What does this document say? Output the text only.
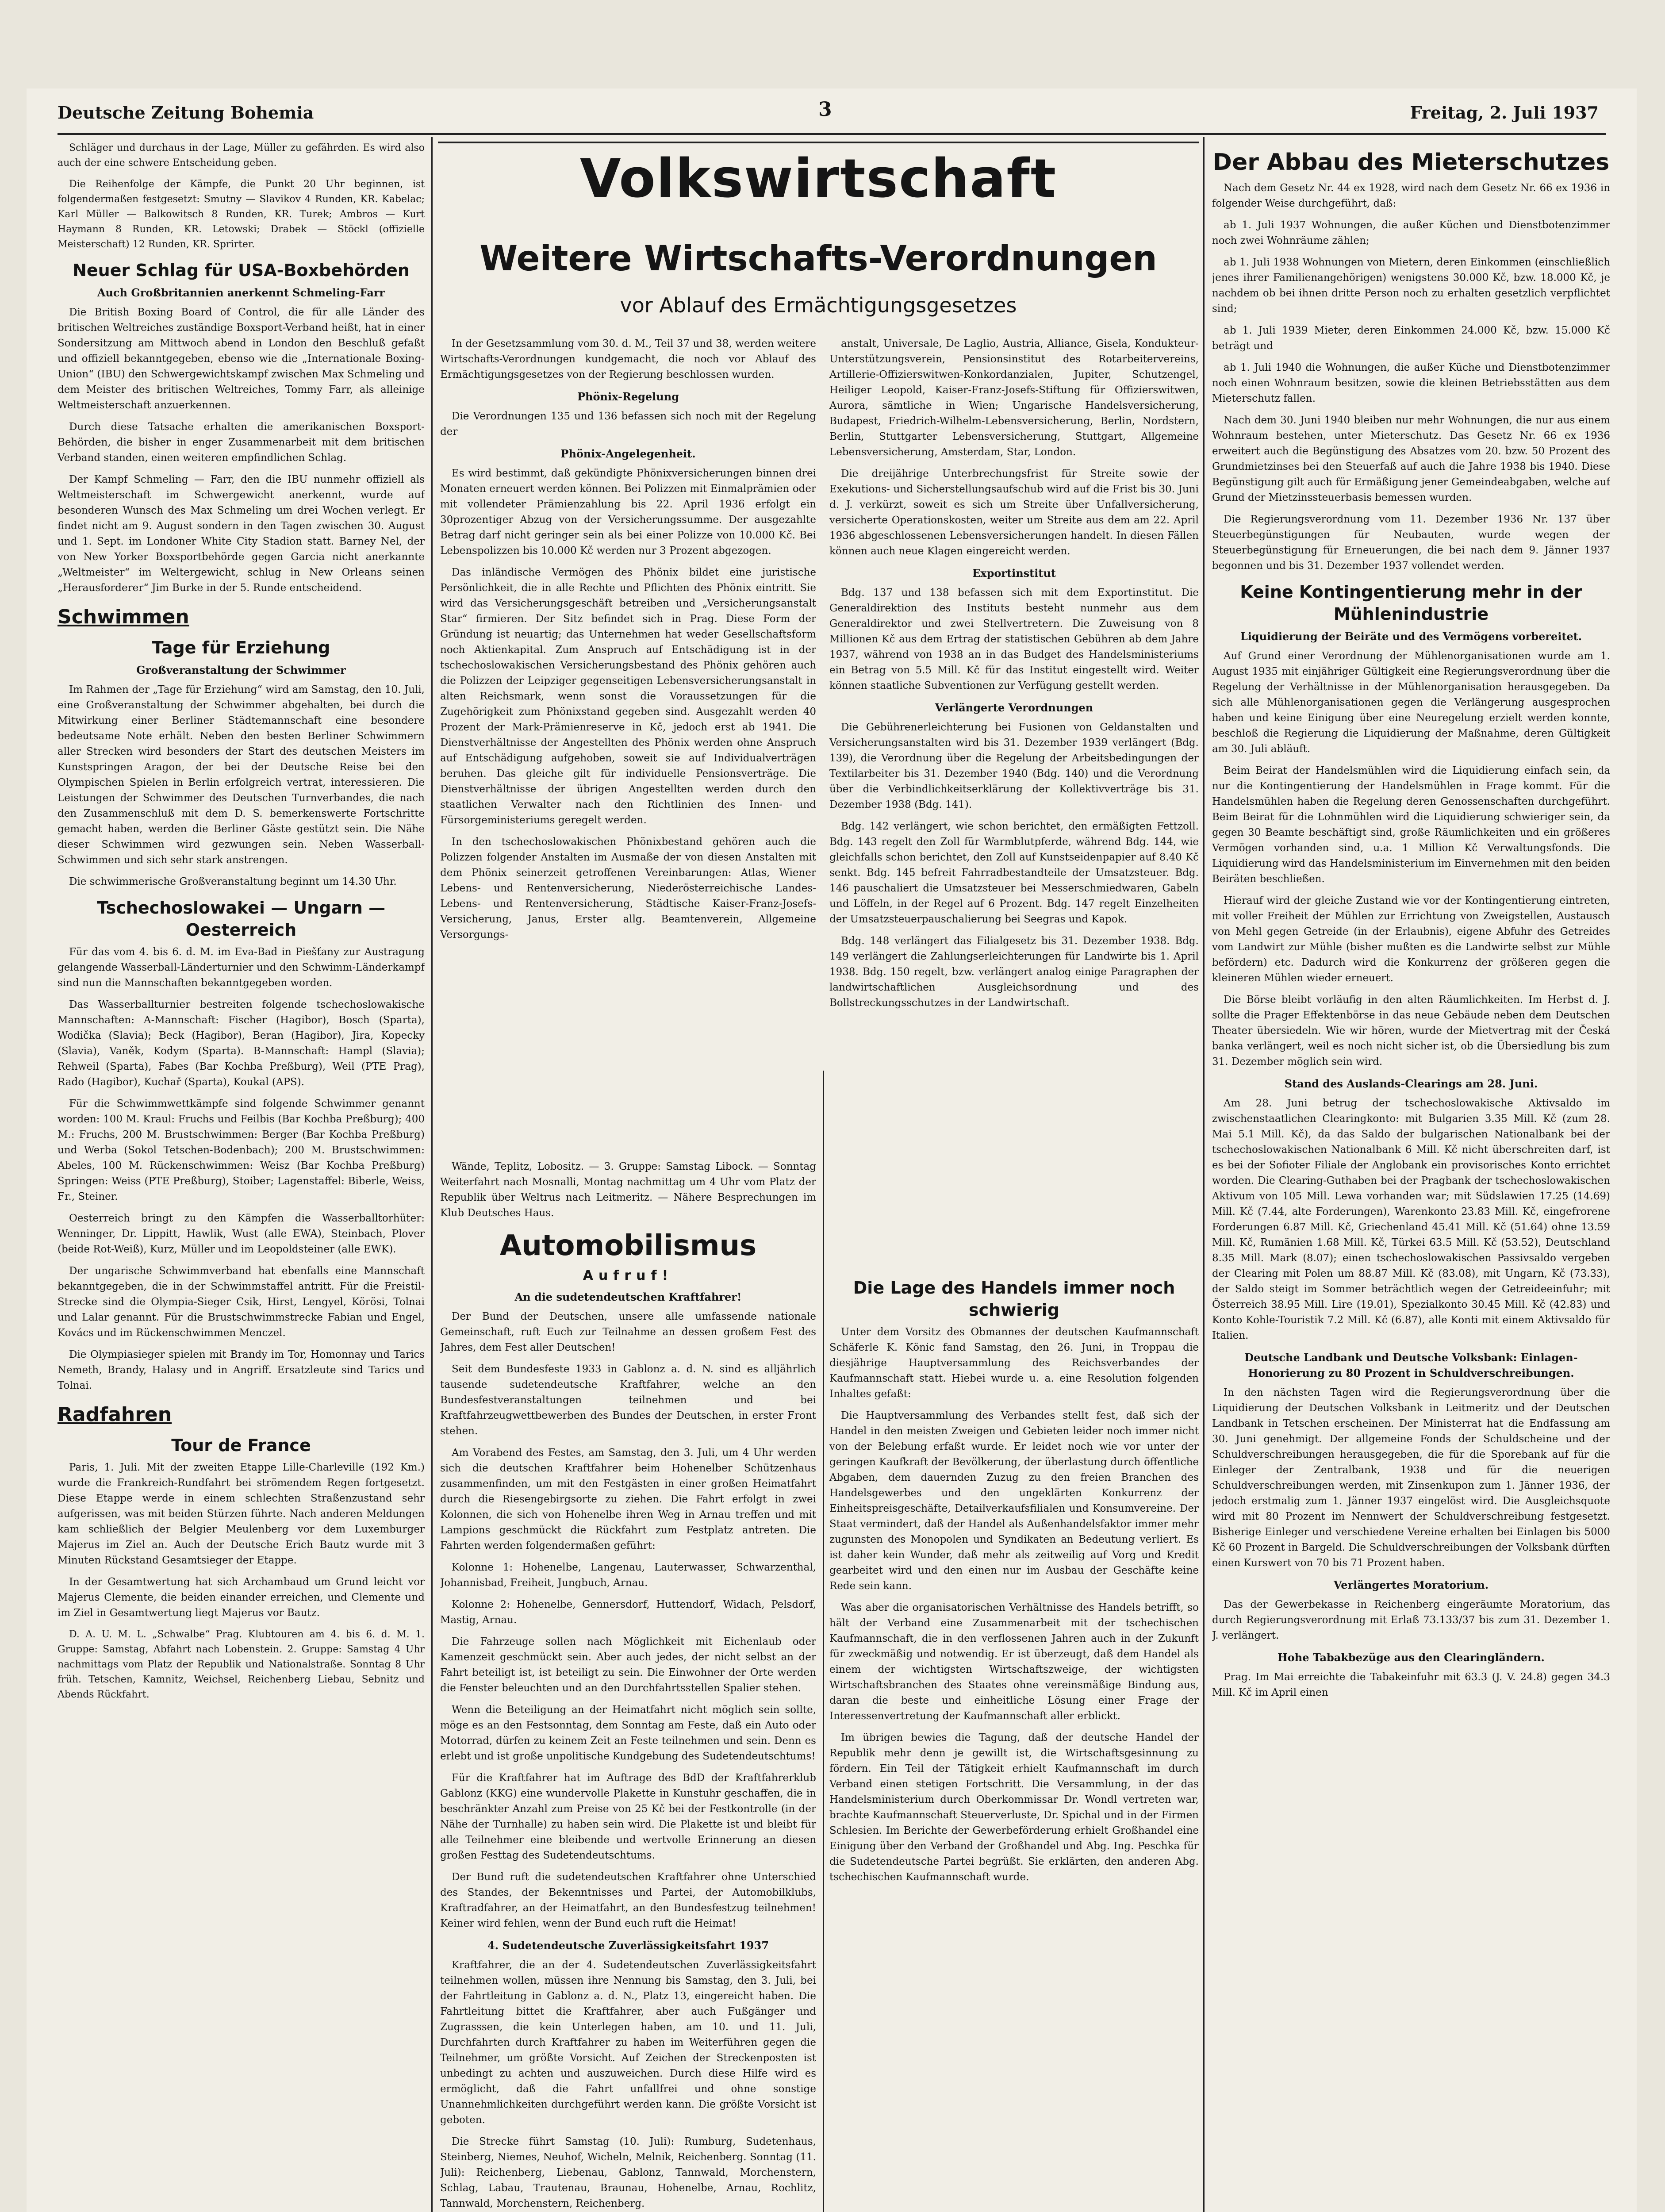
Deutsche Zeitung Bohemia	3	Freitag, 2. Juli 1937

Schläger und durchaus in der Lage, Müller zu gefährden. Es wird also auch der eine schwere Entscheidung geben.

Die Reihenfolge der Kämpfe, die Punkt 20 Uhr beginnen, ist folgendermaßen festgesetzt: Smutny — Slavikov 4 Runden, KR. Kabelac; Karl Müller — Balkowitsch 8 Runden, KR. Turek; Ambros — Kurt Haymann 8 Runden, KR. Letowski; Drabek — Stöckl (offizielle Meisterschaft) 12 Runden, KR. Sprirter.

Neuer Schlag für USA-Boxbehörden
Auch Großbritannien anerkennt Schmeling-Farr

Die British Boxing Board of Control, die für alle Länder des britischen Weltreiches zuständige Boxsport-Verband heißt, hat in einer Sondersitzung am Mittwoch abend in London den Beschluß gefaßt und offiziell bekanntgegeben, ebenso wie die „Internationale Boxing-Union“ (IBU) den Schwergewichtskampf zwischen Max Schmeling und dem Meister des britischen Weltreiches, Tommy Farr, als alleinige Weltmeisterschaft anzuerkennen.

Durch diese Tatsache erhalten die amerikanischen Boxsport-Behörden, die bisher in enger Zusammenarbeit mit dem britischen Verband standen, einen weiteren empfindlichen Schlag.

Der Kampf Schmeling — Farr, den die IBU nunmehr offiziell als Weltmeisterschaft im Schwergewicht anerkennt, wurde auf besonderen Wunsch des Max Schmeling um drei Wochen verlegt. Er findet nicht am 9. August sondern in den Tagen zwischen 30. August und 1. Sept. im Londoner White City Stadion statt. Barney Nel, der von New Yorker Boxsportbehörde gegen Garcia nicht anerkannte „Weltmeister“ im Weltergewicht, schlug in New Orleans seinen „Herausforderer“ Jim Burke in der 5. Runde entscheidend.

Schwimmen
Tage für Erziehung
Großveranstaltung der Schwimmer

Im Rahmen der „Tage für Erziehung“ wird am Samstag, den 10. Juli, eine Großveranstaltung der Schwimmer abgehalten, bei durch die Mitwirkung einer Berliner Städtemannschaft eine besondere bedeutsame Note erhält. Neben den besten Berliner Schwimmern aller Strecken wird besonders der Start des deutschen Meisters im Kunstspringen Aragon, der bei der Deutsche Reise bei den Olympischen Spielen in Berlin erfolgreich vertrat, interessieren. Die Leistungen der Schwimmer des Deutschen Turnverbandes, die nach den Zusammenschluß mit dem D. S. bemerkenswerte Fortschritte gemacht haben, werden die Berliner Gäste gestützt sein. Die Nähe dieser Schwimmen wird gezwungen sein. Neben Wasserball-Schwimmen und sich sehr stark anstrengen.

Die schwimmerische Großveranstaltung beginnt um 14.30 Uhr.

Tschechoslowakei — Ungarn — Oesterreich

Für das vom 4. bis 6. d. M. im Eva-Bad in Piešťany zur Austragung gelangende Wasserball-Länderturnier und den Schwimm-Länderkampf sind nun die Mannschaften bekanntgegeben worden.

Das Wasserballturnier bestreiten folgende tschechoslowakische Mannschaften: A-Mannschaft: Fischer (Hagibor), Bosch (Sparta), Wodička (Slavia); Beck (Hagibor), Beran (Hagibor), Jira, Kopecky (Slavia), Vaněk, Kodym (Sparta). B-Mannschaft: Hampl (Slavia); Rehweil (Sparta), Fabes (Bar Kochba Preßburg), Weil (PTE Prag), Rado (Hagibor), Kuchař (Sparta), Koukal (APS).

Für die Schwimmwettkämpfe sind folgende Schwimmer genannt worden: 100 M. Kraul: Fruchs und Feilbis (Bar Kochba Preßburg); 400 M.: Fruchs, 200 M. Brustschwimmen: Berger (Bar Kochba Preßburg) und Werba (Sokol Tetschen-Bodenbach); 200 M. Brustschwimmen: Abeles, 100 M. Rückenschwimmen: Weisz (Bar Kochba Preßburg) Springen: Weiss (PTE Preßburg), Stoiber; Lagenstaffel: Biberle, Weiss, Fr., Steiner.

Oesterreich bringt zu den Kämpfen die Wasserballtorhüter: Wenninger, Dr. Lippitt, Hawlik, Wust (alle EWA), Steinbach, Plover (beide Rot-Weiß), Kurz, Müller und im Leopoldsteiner (alle EWK).

Der ungarische Schwimmverband hat ebenfalls eine Mannschaft bekanntgegeben, die in der Schwimmstaffel antritt. Für die Freistil-Strecke sind die Olympia-Sieger Csik, Hirst, Lengyel, Körösi, Tolnai und Lalar genannt. Für die Brustschwimmstrecke Fabian und Engel, Kovács und im Rückenschwimmen Menczel.

Die Olympiasieger spielen mit Brandy im Tor, Homonnay und Tarics Nemeth, Brandy, Halasy und in Angriff. Ersatzleute sind Tarics und Tolnai.

Radfahren
Tour de France

Paris, 1. Juli. Mit der zweiten Etappe Lille-Charleville (192 Km.) wurde die Frankreich-Rundfahrt bei strömendem Regen fortgesetzt. Diese Etappe werde in einem schlechten Straßenzustand sehr aufgerissen, was mit beiden Stürzen führte. Nach anderen Meldungen kam schließlich der Belgier Meulenberg vor dem Luxemburger Majerus im Ziel an. Auch der Deutsche Erich Bautz wurde mit 3 Minuten Rückstand Gesamtsieger der Etappe.

In der Gesamtwertung hat sich Archambaud um Grund leicht vor Majerus Clemente, die beiden einander erreichen, und Clemente und im Ziel in Gesamtwertung liegt Majerus vor Bautz.

D. A. U. M. L. „Schwalbe“ Prag. Klubtouren am 4. bis 6. d. M. 1. Gruppe: Samstag, Abfahrt nach Lobenstein. 2. Gruppe: Samstag 4 Uhr nachmittags vom Platz der Republik und Nationalstraße. Sonntag 8 Uhr früh. Tetschen, Kamnitz, Weichsel, Reichenberg Liebau, Sebnitz und Abends Rückfahrt.

Volkswirtschaft
Weitere Wirtschafts-Verordnungen
vor Ablauf des Ermächtigungsgesetzes

In der Gesetzsammlung vom 30. d. M., Teil 37 und 38, werden weitere Wirtschafts-Verordnungen kundgemacht, die noch vor Ablauf des Ermächtigungsgesetzes von der Regierung beschlossen wurden.

Phönix-Regelung

Die Verordnungen 135 und 136 befassen sich noch mit der Regelung der

Phönix-Angelegenheit.

Es wird bestimmt, daß gekündigte Phönixversicherungen binnen drei Monaten erneuert werden können. Bei Polizzen mit Einmalprämien oder mit vollendeter Prämienzahlung bis 22. April 1936 erfolgt ein 30prozentiger Abzug von der Versicherungssumme. Der ausgezahlte Betrag darf nicht geringer sein als bei einer Polizze von 10.000 Kč. Bei Lebenspolizzen bis 10.000 Kč werden nur 3 Prozent abgezogen.

Das inländische Vermögen des Phönix bildet eine juristische Persönlichkeit, die in alle Rechte und Pflichten des Phönix eintritt. Sie wird das Versicherungsgeschäft betreiben und „Versicherungsanstalt Star“ firmieren. Der Sitz befindet sich in Prag. Diese Form der Gründung ist neuartig; das Unternehmen hat weder Gesellschaftsform noch Aktienkapital. Zum Anspruch auf Entschädigung ist in der tschechoslowakischen Versicherungsbestand des Phönix gehören auch die Polizzen der Leipziger gegenseitigen Lebensversicherungsanstalt in alten Reichsmark, wenn sonst die Voraussetzungen für die Zugehörigkeit zum Phönixstand gegeben sind. Ausgezahlt werden 40 Prozent der Mark-Prämienreserve in Kč, jedoch erst ab 1941. Die Dienstverhältnisse der Angestellten des Phönix werden ohne Anspruch auf Entschädigung aufgehoben, soweit sie auf Individualverträgen beruhen. Das gleiche gilt für individuelle Pensionsverträge. Die Dienstverhältnisse der übrigen Angestellten werden durch den staatlichen Verwalter nach den Richtlinien des Innen- und Fürsorgeministeriums geregelt werden.

In den tschechoslowakischen Phönixbestand gehören auch die Polizzen folgender Anstalten im Ausmaße der von diesen Anstalten mit dem Phönix seinerzeit getroffenen Vereinbarungen: Atlas, Wiener Lebens- und Rentenversicherung, Niederösterreichische Landes-Lebens- und Rentenversicherung, Städtische Kaiser-Franz-Josefs-Versicherung, Janus, Erster allg. Beamtenverein, Allgemeine Versorgungs-

anstalt, Universale, De Laglio, Austria, Alliance, Gisela, Kondukteur-Unterstützungsverein, Pensionsinstitut des Rotarbeitervereins, Artillerie-Offizierswitwen-Konkordanzialen, Jupiter, Schutzengel, Heiliger Leopold, Kaiser-Franz-Josefs-Stiftung für Offizierswitwen, Aurora, sämtliche in Wien; Ungarische Handelsversicherung, Budapest, Friedrich-Wilhelm-Lebensversicherung, Berlin, Nordstern, Berlin, Stuttgarter Lebensversicherung, Stuttgart, Allgemeine Lebensversicherung, Amsterdam, Star, London.

Die dreijährige Unterbrechungsfrist für Streite sowie der Exekutions- und Sicherstellungsaufschub wird auf die Frist bis 30. Juni d. J. verkürzt, soweit es sich um Streite über Unfallversicherung, versicherte Operationskosten, weiter um Streite aus dem am 22. April 1936 abgeschlossenen Lebensversicherungen handelt. In diesen Fällen können auch neue Klagen eingereicht werden.

Exportinstitut

Bdg. 137 und 138 befassen sich mit dem Exportinstitut. Die Generaldirektion des Instituts besteht nunmehr aus dem Generaldirektor und zwei Stellvertretern. Die Zuweisung von 8 Millionen Kč aus dem Ertrag der statistischen Gebühren ab dem Jahre 1937, während von 1938 an in das Budget des Handelsministeriums ein Betrag von 5.5 Mill. Kč für das Institut eingestellt wird. Weiter können staatliche Subventionen zur Verfügung gestellt werden.

Verlängerte Verordnungen

Die Gebührenerleichterung bei Fusionen von Geldanstalten und Versicherungsanstalten wird bis 31. Dezember 1939 verlängert (Bdg. 139), die Verordnung über die Regelung der Arbeitsbedingungen der Textilarbeiter bis 31. Dezember 1940 (Bdg. 140) und die Verordnung über die Verbindlichkeitserklärung der Kollektivverträge bis 31. Dezember 1938 (Bdg. 141).

Bdg. 142 verlängert, wie schon berichtet, den ermäßigten Fettzoll. Bdg. 143 regelt den Zoll für Warmblutpferde, während Bdg. 144, wie gleichfalls schon berichtet, den Zoll auf Kunstseidenpapier auf 8.40 Kč senkt. Bdg. 145 befreit Fahrradbestandteile der Umsatzsteuer. Bdg. 146 pauschaliert die Umsatzsteuer bei Messerschmiedwaren, Gabeln und Löffeln, in der Regel auf 6 Prozent. Bdg. 147 regelt Einzelheiten der Umsatzsteuerpauschalierung bei Seegras und Kapok.

Bdg. 148 verlängert das Filialgesetz bis 31. Dezember 1938. Bdg. 149 verlängert die Zahlungserleichterungen für Landwirte bis 1. April 1938. Bdg. 150 regelt, bzw. verlängert analog einige Paragraphen der landwirtschaftlichen Ausgleichsordnung und des Bollstreckungsschutzes in der Landwirtschaft.

Wände, Teplitz, Lobositz. — 3. Gruppe: Samstag Libock. — Sonntag Weiterfahrt nach Mosnalli, Montag nachmittag um 4 Uhr vom Platz der Republik über Weltrus nach Leitmeritz. — Nähere Besprechungen im Klub Deutsches Haus.

Automobilismus
Aufruf!
An die sudetendeutschen Kraftfahrer!

Der Bund der Deutschen, unsere alle umfassende nationale Gemeinschaft, ruft Euch zur Teilnahme an dessen großem Fest des Jahres, dem Fest aller Deutschen!

Seit dem Bundesfeste 1933 in Gablonz a. d. N. sind es alljährlich tausende sudetendeutsche Kraftfahrer, welche an den Bundesfestveranstaltungen teilnehmen und bei Kraftfahrzeugwettbewerben des Bundes der Deutschen, in erster Front stehen.

Am Vorabend des Festes, am Samstag, den 3. Juli, um 4 Uhr werden sich die deutschen Kraftfahrer beim Hohenelber Schützenhaus zusammenfinden, um mit den Festgästen in einer großen Heimatfahrt durch die Riesengebirgsorte zu ziehen. Die Fahrt erfolgt in zwei Kolonnen, die sich von Hohenelbe ihren Weg in Arnau treffen und mit Lampions geschmückt die Rückfahrt zum Festplatz antreten. Die Fahrten werden folgendermaßen geführt:

Kolonne 1: Hohenelbe, Langenau, Lauterwasser, Schwarzenthal, Johannisbad, Freiheit, Jungbuch, Arnau.

Kolonne 2: Hohenelbe, Gennersdorf, Huttendorf, Widach, Pelsdorf, Mastig, Arnau.

Die Fahrzeuge sollen nach Möglichkeit mit Eichenlaub oder Kamenzeit geschmückt sein. Aber auch jedes, der nicht selbst an der Fahrt beteiligt ist, ist beteiligt zu sein. Die Einwohner der Orte werden die Fenster beleuchten und an den Durchfahrtsstellen Spalier stehen.

Wenn die Beteiligung an der Heimatfahrt nicht möglich sein sollte, möge es an den Festsonntag, dem Sonntag am Feste, daß ein Auto oder Motorrad, dürfen zu keinem Zeit an Feste teilnehmen und sein. Denn es erlebt und ist große unpolitische Kundgebung des Sudetendeutschtums!

Für die Kraftfahrer hat im Auftrage des BdD der Kraftfahrerklub Gablonz (KKG) eine wundervolle Plakette in Kunstuhr geschaffen, die in beschränkter Anzahl zum Preise von 25 Kč bei der Festkontrolle (in der Nähe der Turnhalle) zu haben sein wird. Die Plakette ist und bleibt für alle Teilnehmer eine bleibende und wertvolle Erinnerung an diesen großen Festtag des Sudetendeutschtums.

Der Bund ruft die sudetendeutschen Kraftfahrer ohne Unterschied des Standes, der Bekenntnisses und Partei, der Automobilklubs, Kraftradfahrer, an der Heimatfahrt, an den Bundesfestzug teilnehmen! Keiner wird fehlen, wenn der Bund euch ruft die Heimat!

4. Sudetendeutsche Zuverlässigkeitsfahrt 1937

Kraftfahrer, die an der 4. Sudetendeutschen Zuverlässigkeitsfahrt teilnehmen wollen, müssen ihre Nennung bis Samstag, den 3. Juli, bei der Fahrtleitung in Gablonz a. d. N., Platz 13, eingereicht haben. Die Fahrtleitung bittet die Kraftfahrer, aber auch Fußgänger und Zugrasssen, die kein Unterlegen haben, am 10. und 11. Juli, Durchfahrten durch Kraftfahrer zu haben im Weiterführen gegen die Teilnehmer, um größte Vorsicht. Auf Zeichen der Streckenposten ist unbedingt zu achten und auszuweichen. Durch diese Hilfe wird es ermöglicht, daß die Fahrt unfallfrei und ohne sonstige Unannehmlichkeiten durchgeführt werden kann. Die größte Vorsicht ist geboten.

Die Strecke führt Samstag (10. Juli): Rumburg, Sudetenhaus, Steinberg, Niemes, Neuhof, Wicheln, Melnik, Reichenberg. Sonntag (11. Juli): Reichenberg, Liebenau, Gablonz, Tannwald, Morchenstern, Schlag, Labau, Trautenau, Braunau, Hohenelbe, Arnau, Rochlitz, Tannwald, Morchenstern, Reichenberg.

Die Lage des Handels immer noch schwierig

Unter dem Vorsitz des Obmannes der deutschen Kaufmannschaft Schäferle K. Könic fand Samstag, den 26. Juni, in Troppau die diesjährige Hauptversammlung des Reichsverbandes der Kaufmannschaft statt. Hiebei wurde u. a. eine Resolution folgenden Inhaltes gefaßt:

Die Hauptversammlung des Verbandes stellt fest, daß sich der Handel in den meisten Zweigen und Gebieten leider noch immer nicht von der Belebung erfaßt wurde. Er leidet noch wie vor unter der geringen Kaufkraft der Bevölkerung, der überlastung durch öffentliche Abgaben, dem dauernden Zuzug zu den freien Branchen des Handelsgewerbes und den ungeklärten Konkurrenz der Einheitspreisgeschäfte, Detailverkaufsfilialen und Konsumvereine. Der Staat vermindert, daß der Handel als Außenhandelsfaktor immer mehr zugunsten des Monopolen und Syndikaten an Bedeutung verliert. Es ist daher kein Wunder, daß mehr als zeitweilig auf Vorg und Kredit gearbeitet wird und den einen nur im Ausbau der Geschäfte keine Rede sein kann.

Was aber die organisatorischen Verhältnisse des Handels betrifft, so hält der Verband eine Zusammenarbeit mit der tschechischen Kaufmannschaft, die in den verflossenen Jahren auch in der Zukunft für zweckmäßig und notwendig. Er ist überzeugt, daß dem Handel als einem der wichtigsten Wirtschaftszweige, der wichtigsten Wirtschaftsbranchen des Staates ohne vereinsmäßige Bindung aus, daran die beste und einheitliche Lösung einer Frage der Interessenvertretung der Kaufmannschaft aller erblickt.

Im übrigen bewies die Tagung, daß der deutsche Handel der Republik mehr denn je gewillt ist, die Wirtschaftsgesinnung zu fördern. Ein Teil der Tätigkeit erhielt Kaufmannschaft im durch Verband einen stetigen Fortschritt. Die Versammlung, in der das Handelsministerium durch Oberkommissar Dr. Wondl vertreten war, brachte Kaufmannschaft Steuerverluste, Dr. Spichal und in der Firmen Schlesien. Im Berichte der Gewerbeförderung erhielt Großhandel eine Einigung über den Verband der Großhandel und Abg. Ing. Peschka für die Sudetendeutsche Partei begrüßt. Sie erklärten, den anderen Abg. tschechischen Kaufmannschaft wurde.

Der Abbau des Mieterschutzes

Nach dem Gesetz Nr. 44 ex 1928, wird nach dem Gesetz Nr. 66 ex 1936 in folgender Weise durchgeführt, daß:

ab 1. Juli 1937 Wohnungen, die außer Küchen und Dienstbotenzimmer noch zwei Wohnräume zählen;

ab 1. Juli 1938 Wohnungen von Mietern, deren Einkommen (einschließlich jenes ihrer Familienangehörigen) wenigstens 30.000 Kč, bzw. 18.000 Kč, je nachdem ob bei ihnen dritte Person noch zu erhalten gesetzlich verpflichtet sind;

ab 1. Juli 1939 Mieter, deren Einkommen 24.000 Kč, bzw. 15.000 Kč beträgt und

ab 1. Juli 1940 die Wohnungen, die außer Küche und Dienstbotenzimmer noch einen Wohnraum besitzen, sowie die kleinen Betriebsstätten aus dem Mieterschutz fallen.

Nach dem 30. Juni 1940 bleiben nur mehr Wohnungen, die nur aus einem Wohnraum bestehen, unter Mieterschutz. Das Gesetz Nr. 66 ex 1936 erweitert auch die Begünstigung des Absatzes vom 20. bzw. 50 Prozent des Grundmietzinses bei den Steuerfaß auf auch die Jahre 1938 bis 1940. Diese Begünstigung gilt auch für Ermäßigung jener Gemeindeabgaben, welche auf Grund der Mietzinssteuerbasis bemessen wurden.

Die Regierungsverordnung vom 11. Dezember 1936 Nr. 137 über Steuerbegünstigungen für Neubauten, wurde wegen der Steuerbegünstigung für Erneuerungen, die bei nach dem 9. Jänner 1937 begonnen und bis 31. Dezember 1937 vollendet werden.

Keine Kontingentierung mehr in der Mühlenindustrie
Liquidierung der Beiräte und des Vermögens vorbereitet.

Auf Grund einer Verordnung der Mühlenorganisationen wurde am 1. August 1935 mit einjähriger Gültigkeit eine Regierungsverordnung über die Regelung der Verhältnisse in der Mühlenorganisation herausgegeben. Da sich alle Mühlenorganisationen gegen die Verlängerung ausgesprochen haben und keine Einigung über eine Neuregelung erzielt werden konnte, beschloß die Regierung die Liquidierung der Maßnahme, deren Gültigkeit am 30. Juli abläuft.

Beim Beirat der Handelsmühlen wird die Liquidierung einfach sein, da nur die Kontingentierung der Handelsmühlen in Frage kommt. Für die Handelsmühlen haben die Regelung deren Genossenschaften durchgeführt. Beim Beirat für die Lohnmühlen wird die Liquidierung schwieriger sein, da gegen 30 Beamte beschäftigt sind, große Räumlichkeiten und ein größeres Vermögen vorhanden sind, u.a. 1 Million Kč Verwaltungsfonds. Die Liquidierung wird das Handelsministerium im Einvernehmen mit den beiden Beiräten beschließen.

Hierauf wird der gleiche Zustand wie vor der Kontingentierung eintreten, mit voller Freiheit der Mühlen zur Errichtung von Zweigstellen, Austausch von Mehl gegen Getreide (in der Erlaubnis), eigene Abfuhr des Getreides vom Landwirt zur Mühle (bisher mußten es die Landwirte selbst zur Mühle befördern) etc. Dadurch wird die Konkurrenz der größeren gegen die kleineren Mühlen wieder erneuert.

Die Börse bleibt vorläufig in den alten Räumlichkeiten. Im Herbst d. J. sollte die Prager Effektenbörse in das neue Gebäude neben dem Deutschen Theater übersiedeln. Wie wir hören, wurde der Mietvertrag mit der Česká banka verlängert, weil es noch nicht sicher ist, ob die Übersiedlung bis zum 31. Dezember möglich sein wird.

Stand des Auslands-Clearings am 28. Juni.

Am 28. Juni betrug der tschechoslowakische Aktivsaldo im zwischenstaatlichen Clearingkonto: mit Bulgarien 3.35 Mill. Kč (zum 28. Mai 5.1 Mill. Kč), da das Saldo der bulgarischen Nationalbank bei der tschechoslowakischen Nationalbank 6 Mill. Kč nicht überschreiten darf, ist es bei der Sofioter Filiale der Anglobank ein provisorisches Konto errichtet worden. Die Clearing-Guthaben bei der Pragbank der tschechoslowakischen Aktivum von 105 Mill. Lewa vorhanden war; mit Südslawien 17.25 (14.69) Mill. Kč (7.44, alte Forderungen), Warenkonto 23.83 Mill. Kč, eingefrorene Forderungen 6.87 Mill. Kč, Griechenland 45.41 Mill. Kč (51.64) ohne 13.59 Mill. Kč, Rumänien 1.68 Mill. Kč, Türkei 63.5 Mill. Kč (53.52), Deutschland 8.35 Mill. Mark (8.07); einen tschechoslowakischen Passivsaldo vergeben der Clearing mit Polen um 88.87 Mill. Kč (83.08), mit Ungarn, Kč (73.33), der Saldo steigt im Sommer beträchtlich wegen der Getreideeinfuhr; mit Österreich 38.95 Mill. Lire (19.01), Spezialkonto 30.45 Mill. Kč (42.83) und Konto Kohle-Touristik 7.2 Mill. Kč (6.87), alle Konti mit einem Aktivsaldo für Italien.

Deutsche Landbank und Deutsche Volksbank: Einlagen-Honorierung zu 80 Prozent in Schuldverschreibungen.

In den nächsten Tagen wird die Regierungsverordnung über die Liquidierung der Deutschen Volksbank in Leitmeritz und der Deutschen Landbank in Tetschen erscheinen. Der Ministerrat hat die Endfassung am 30. Juni genehmigt. Der allgemeine Fonds der Schuldscheine und der Schuldverschreibungen herausgegeben, die für die Sporebank auf für die Einleger der Zentralbank, 1938 und für die neuerigen Schuldverschreibungen werden, mit Zinsenkupon zum 1. Jänner 1936, der jedoch erstmalig zum 1. Jänner 1937 eingelöst wird. Die Ausgleichsquote wird mit 80 Prozent im Nennwert der Schuldverschreibung festgesetzt. Bisherige Einleger und verschiedene Vereine erhalten bei Einlagen bis 5000 Kč 60 Prozent in Bargeld. Die Schuldverschreibungen der Volksbank dürften einen Kurswert von 70 bis 71 Prozent haben.

Verlängertes Moratorium.

Das der Gewerbekasse in Reichenberg eingeräumte Moratorium, das durch Regierungsverordnung mit Erlaß 73.133/37 bis zum 31. Dezember 1. J. verlängert.

Hohe Tabakbezüge aus den Clearingländern.

Prag. Im Mai erreichte die Tabakeinfuhr mit 63.3 (J. V. 24.8) gegen 34.3 Mill. Kč im April einen
